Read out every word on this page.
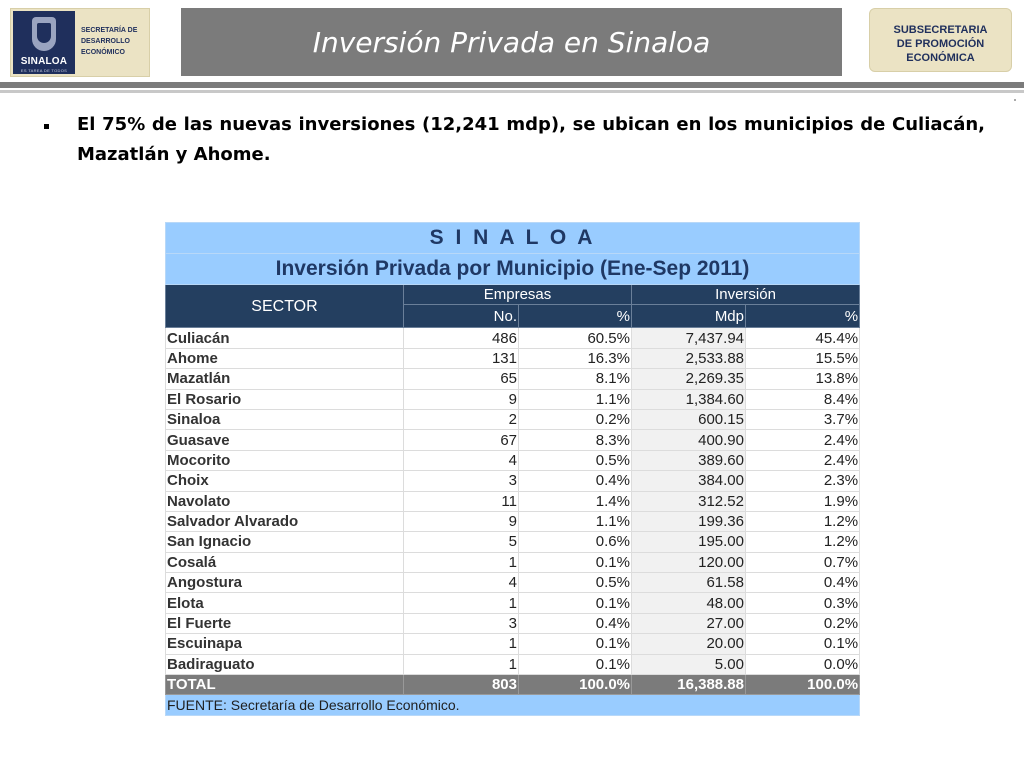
SINALOA
ES TAREA DE TODOS
SECRETARÍA DE
DESARROLLO
ECONÓMICO	Inversión Privada en Sinaloa	SUBSECRETARIA
DE PROMOCIÓN
ECONÓMICA
El 75% de las nuevas inversiones (12,241 mdp), se ubican en los municipios de Culiacán, Mazatlán y Ahome.
S I N A L O A				
Inversión Privada por Municipio (Ene-Sep 2011)				
SECTOR	Empresas		Inversión	
	No.	%	Mdp	%
Culiacán	486	60.5%	7,437.94	45.4%
Ahome	131	16.3%	2,533.88	15.5%
Mazatlán	65	8.1%	2,269.35	13.8%
El Rosario	9	1.1%	1,384.60	8.4%
Sinaloa	2	0.2%	600.15	3.7%
Guasave	67	8.3%	400.90	2.4%
Mocorito	4	0.5%	389.60	2.4%
Choix	3	0.4%	384.00	2.3%
Navolato	11	1.4%	312.52	1.9%
Salvador Alvarado	9	1.1%	199.36	1.2%
San Ignacio	5	0.6%	195.00	1.2%
Cosalá	1	0.1%	120.00	0.7%
Angostura	4	0.5%	61.58	0.4%
Elota	1	0.1%	48.00	0.3%
El Fuerte	3	0.4%	27.00	0.2%
Escuinapa	1	0.1%	20.00	0.1%
Badiraguato	1	0.1%	5.00	0.0%
TOTAL	803	100.0%	16,388.88	100.0%
FUENTE: Secretaría de Desarrollo Económico.				
